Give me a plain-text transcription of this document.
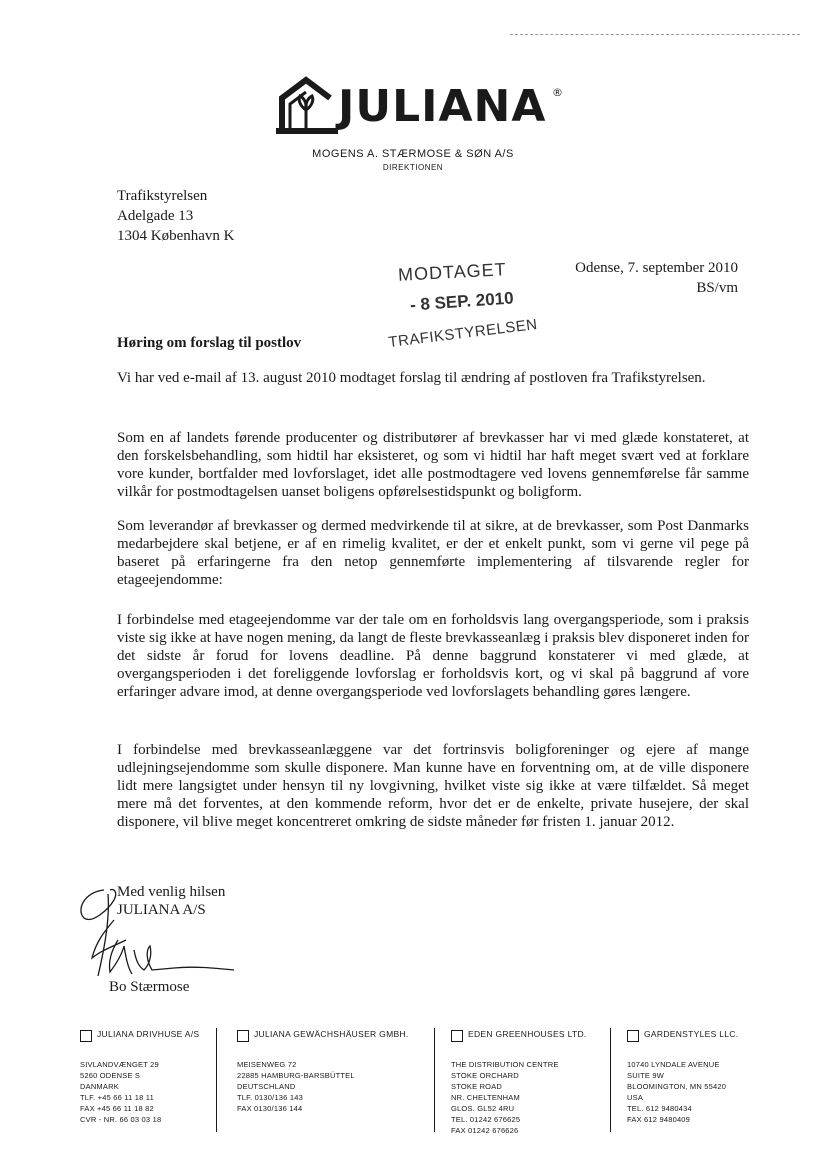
JULIANA ®
MOGENS A. STÆRMOSE & SØN A/S
DIREKTIONEN
Trafikstyrelsen
Adelgade 13
1304 København K
Odense, 7. september 2010
BS/vm
MODTAGET
- 8 SEP. 2010
TRAFIKSTYRELSEN
Høring om forslag til postlov
Vi har ved e-mail af 13. august 2010 modtaget forslag til ændring af postloven fra Trafikstyrelsen.
Som en af landets førende producenter og distributører af brevkasser har vi med glæde konstateret, at den forskelsbehandling, som hidtil har eksisteret, og som vi hidtil har haft meget svært ved at forklare vore kunder, bortfalder med lovforslaget, idet alle postmodtagere ved lovens gennemførelse får samme vilkår for postmodtagelsen uanset boligens opførelsestidspunkt og boligform.
Som leverandør af brevkasser og dermed medvirkende til at sikre, at de brevkasser, som Post Danmarks medarbejdere skal betjene, er af en rimelig kvalitet, er der et enkelt punkt, som vi gerne vil pege på baseret på erfaringerne fra den netop gennemførte implementering af tilsvarende regler for etageejendomme:
I forbindelse med etageejendomme var der tale om en forholdsvis lang overgangsperiode, som i praksis viste sig ikke at have nogen mening, da langt de fleste brevkasseanlæg i praksis blev disponeret inden for det sidste år forud for lovens deadline. På denne baggrund konstaterer vi med glæde, at overgangsperioden i det foreliggende lovforslag er forholdsvis kort, og vi skal på baggrund af vore erfaringer advare imod, at denne overgangsperiode ved lovforslagets behandling gøres længere.
I forbindelse med brevkasseanlæggene var det fortrinsvis boligforeninger og ejere af mange udlejningsejendomme som skulle disponere. Man kunne have en forventning om, at de ville disponere lidt mere langsigtet under hensyn til ny lovgivning, hvilket viste sig ikke at være tilfældet. Så meget mere må det forventes, at den kommende reform, hvor det er de enkelte, private husejere, der skal disponere, vil blive meget koncentreret omkring de sidste måneder før fristen 1. januar 2012.
Med venlig hilsen
JULIANA A/S
Bo Stærmose
JULIANA DRIVHUSE A/S
SIVLANDVÆNGET 29
5260 ODENSE S
DANMARK
TLF. +45 66 11 18 11
FAX +45 66 11 18 82
CVR - NR. 66 03 03 18
JULIANA GEWÄCHSHÄUSER GMBH.
MEISENWEG 72
22885 HAMBURG-BARSBÜTTEL
DEUTSCHLAND
TLF. 0130/136 143
FAX 0130/136 144
EDEN GREENHOUSES LTD.
THE DISTRIBUTION CENTRE
STOKE ORCHARD
STOKE ROAD
NR. CHELTENHAM
GLOS. GL52 4RU
TEL. 01242 676625
FAX 01242 676626
GARDENSTYLES LLC.
10740 LYNDALE AVENUE
SUITE 9W
BLOOMINGTON, MN 55420
USA
TEL. 612 9480434
FAX 612 9480409
